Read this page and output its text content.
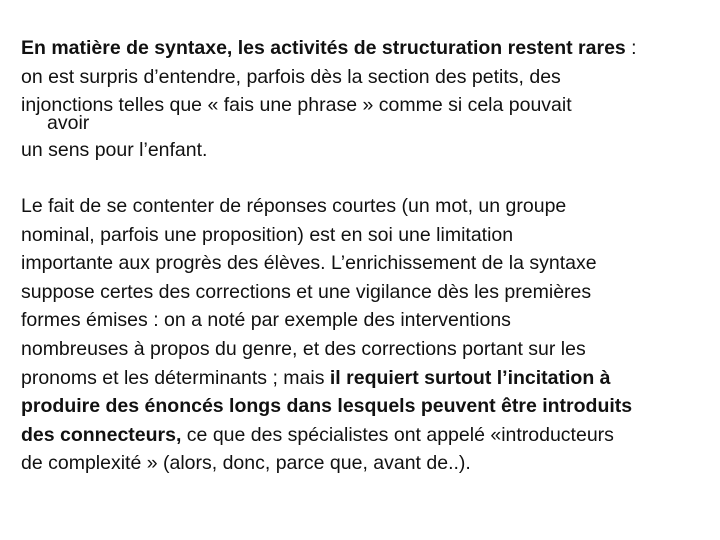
En matière de syntaxe, les activités de structuration restent rares :
on est surpris d’entendre, parfois dès la section des petits, des
injonctions telles que « fais une phrase » comme si cela pouvait
avoir
un sens pour l’enfant.
Le fait de se contenter de réponses courtes (un mot, un groupe
nominal, parfois une proposition) est en soi une limitation
importante aux progrès des élèves. L’enrichissement de la syntaxe
suppose certes des corrections et une vigilance dès les premières
formes émises : on a noté par exemple des interventions
nombreuses à propos du genre, et des corrections portant sur les
pronoms et les déterminants ; mais il requiert surtout l’incitation à
produire des énoncés longs dans lesquels peuvent être introduits
des connecteurs, ce que des spécialistes ont appelé «introducteurs
de complexité » (alors, donc, parce que, avant de..).
